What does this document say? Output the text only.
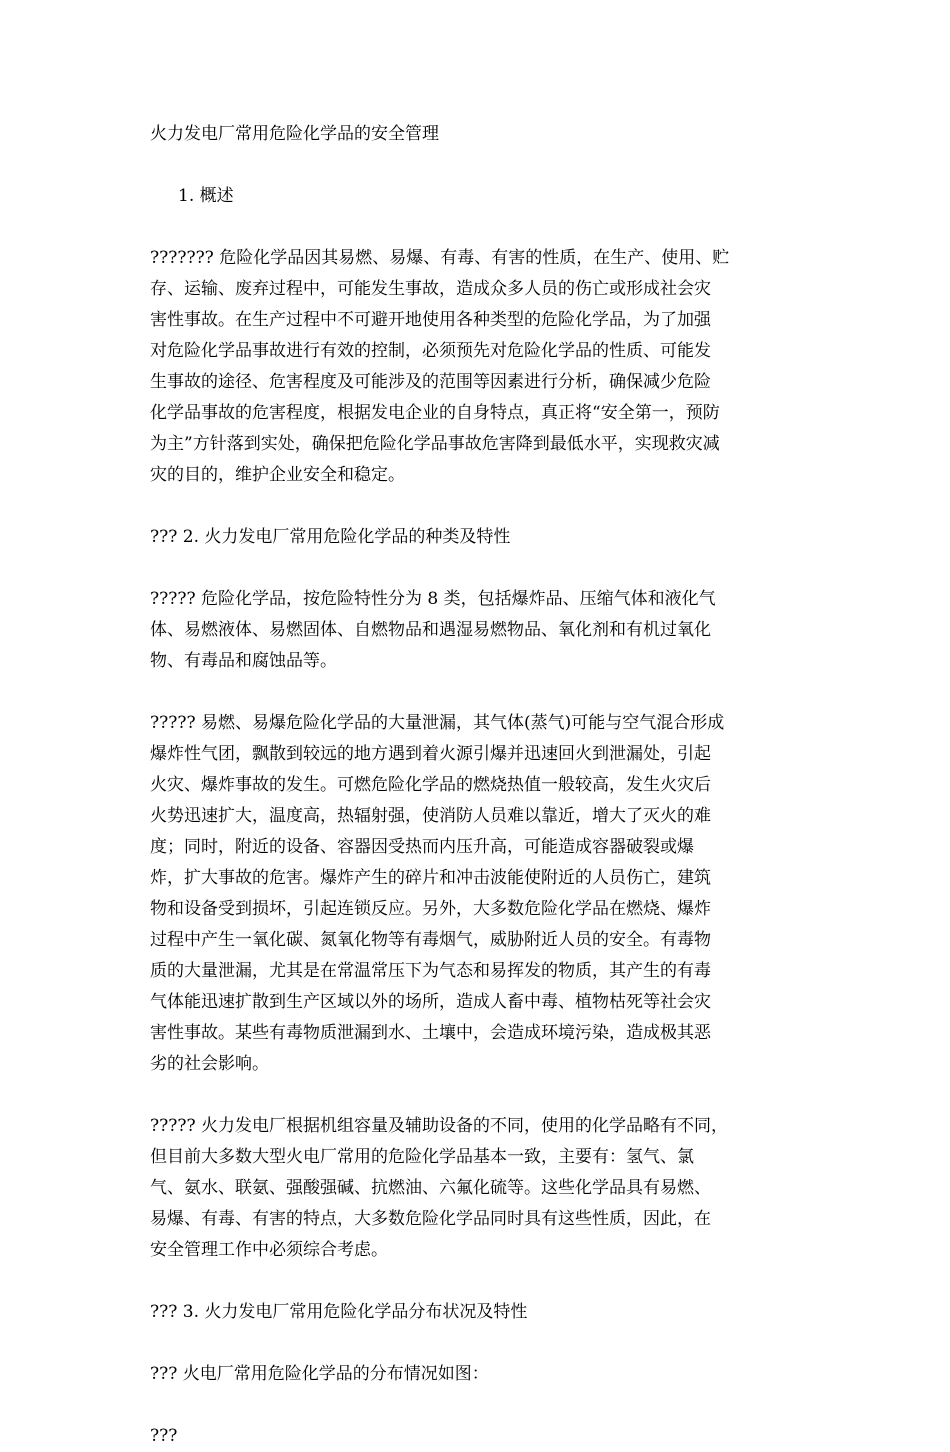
火力发电厂常用危险化学品的安全管理

1. 概述

??????? 危险化学品因其易燃、易爆、有毒、有害的性质，在生产、使用、贮

存、运输、废弃过程中，可能发生事故，造成众多人员的伤亡或形成社会灾

害性事故。在生产过程中不可避开地使用各种类型的危险化学品，为了加强

对危险化学品事故进行有效的控制，必须预先对危险化学品的性质、可能发

生事故的途径、危害程度及可能涉及的范围等因素进行分析，确保减少危险

化学品事故的危害程度，根据发电企业的自身特点，真正将“安全第一，预防

为主”方针落到实处，确保把危险化学品事故危害降到最低水平，实现救灾减

灾的目的，维护企业安全和稳定。

??? 2. 火力发电厂常用危险化学品的种类及特性

????? 危险化学品，按危险特性分为 8 类，包括爆炸品、压缩气体和液化气

体、易燃液体、易燃固体、自燃物品和遇湿易燃物品、氧化剂和有机过氧化

物、有毒品和腐蚀品等。

????? 易燃、易爆危险化学品的大量泄漏，其气体(蒸气)可能与空气混合形成

爆炸性气团，飘散到较远的地方遇到着火源引爆并迅速回火到泄漏处，引起

火灾、爆炸事故的发生。可燃危险化学品的燃烧热值一般较高，发生火灾后

火势迅速扩大，温度高，热辐射强，使消防人员难以靠近，增大了灭火的难

度；同时，附近的设备、容器因受热而内压升高，可能造成容器破裂或爆

炸，扩大事故的危害。爆炸产生的碎片和冲击波能使附近的人员伤亡，建筑

物和设备受到损坏，引起连锁反应。另外，大多数危险化学品在燃烧、爆炸

过程中产生一氧化碳、氮氧化物等有毒烟气，威胁附近人员的安全。有毒物

质的大量泄漏，尤其是在常温常压下为气态和易挥发的物质，其产生的有毒

气体能迅速扩散到生产区域以外的场所，造成人畜中毒、植物枯死等社会灾

害性事故。某些有毒物质泄漏到水、土壤中，会造成环境污染，造成极其恶

劣的社会影响。

????? 火力发电厂根据机组容量及辅助设备的不同，使用的化学品略有不同，

但目前大多数大型火电厂常用的危险化学品基本一致，主要有：氢气、氯

气、氨水、联氨、强酸强碱、抗燃油、六氟化硫等。这些化学品具有易燃、

易爆、有毒、有害的特点，大多数危险化学品同时具有这些性质，因此，在

安全管理工作中必须综合考虑。

??? 3. 火力发电厂常用危险化学品分布状况及特性

??? 火电厂常用危险化学品的分布情况如图：

???
